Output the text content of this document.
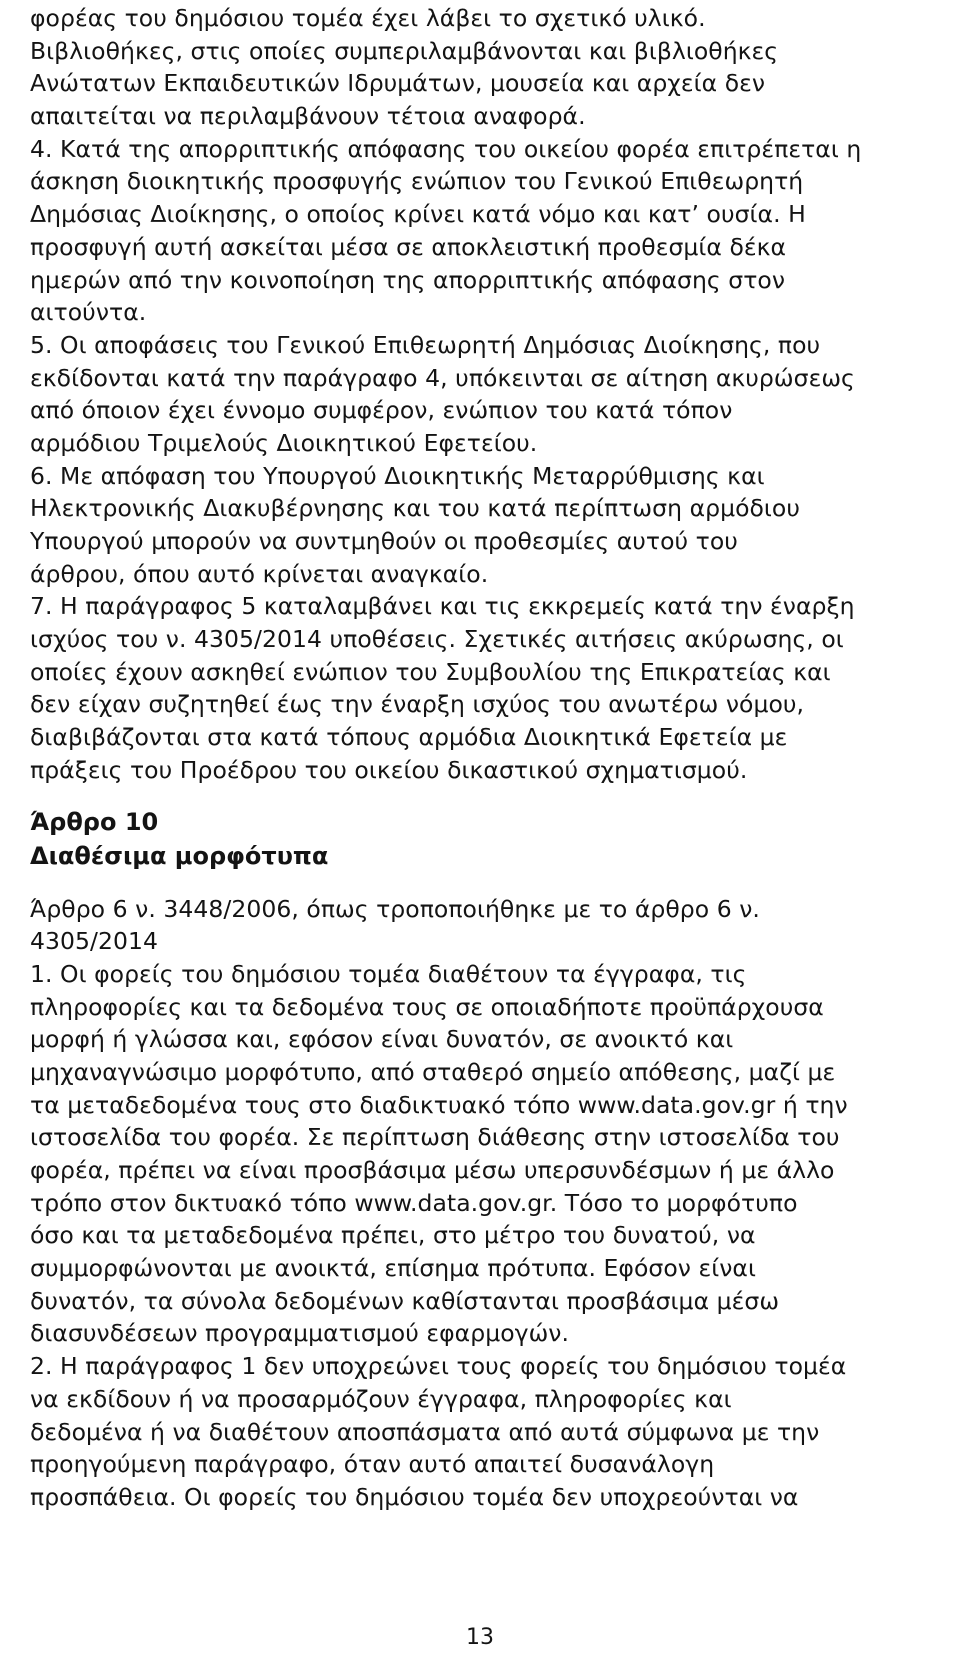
φορέας του δημόσιου τομέα έχει λάβει το σχετικό υλικό.
Βιβλιοθήκες, στις οποίες συμπεριλαμβάνονται και βιβλιοθήκες
Ανώτατων Εκπαιδευτικών Ιδρυμάτων, μουσεία και αρχεία δεν
απαιτείται να περιλαμβάνουν τέτοια αναφορά.
4. Κατά της απορριπτικής απόφασης του οικείου φορέα επιτρέπεται η
άσκηση διοικητικής προσφυγής ενώπιον του Γενικού Επιθεωρητή
Δημόσιας Διοίκησης, ο οποίος κρίνει κατά νόμο και κατ’ ουσία. Η
προσφυγή αυτή ασκείται μέσα σε αποκλειστική προθεσμία δέκα
ημερών από την κοινοποίηση της απορριπτικής απόφασης στον
αιτούντα.
5. Οι αποφάσεις του Γενικού Επιθεωρητή Δημόσιας Διοίκησης, που
εκδίδονται κατά την παράγραφο 4, υπόκεινται σε αίτηση ακυρώσεως
από όποιον έχει έννομο συμφέρον, ενώπιον του κατά τόπον
αρμόδιου Τριμελούς Διοικητικού Εφετείου.
6. Με απόφαση του Υπουργού Διοικητικής Μεταρρύθμισης και
Ηλεκτρονικής Διακυβέρνησης και του κατά περίπτωση αρμόδιου
Υπουργού μπορούν να συντμηθούν οι προθεσμίες αυτού του
άρθρου, όπου αυτό κρίνεται αναγκαίο.
7. Η παράγραφος 5 καταλαμβάνει και τις εκκρεμείς κατά την έναρξη
ισχύος του ν. 4305/2014 υποθέσεις. Σχετικές αιτήσεις ακύρωσης, οι
οποίες έχουν ασκηθεί ενώπιον του Συμβουλίου της Επικρατείας και
δεν είχαν συζητηθεί έως την έναρξη ισχύος του ανωτέρω νόμου,
διαβιβάζονται στα κατά τόπους αρμόδια Διοικητικά Εφετεία με
πράξεις του Προέδρου του οικείου δικαστικού σχηματισμού.
Άρθρο 10
Διαθέσιμα μορφότυπα
Άρθρο 6 ν. 3448/2006, όπως τροποποιήθηκε με το άρθρο 6 ν.
4305/2014
1. Οι φορείς του δημόσιου τομέα διαθέτουν τα έγγραφα, τις
πληροφορίες και τα δεδομένα τους σε οποιαδήποτε προϋπάρχουσα
μορφή ή γλώσσα και, εφόσον είναι δυνατόν, σε ανοικτό και
μηχαναγνώσιμο μορφότυπο, από σταθερό σημείο απόθεσης, μαζί με
τα μεταδεδομένα τους στο διαδικτυακό τόπο www.data.gov.gr ή την
ιστοσελίδα του φορέα. Σε περίπτωση διάθεσης στην ιστοσελίδα του
φορέα, πρέπει να είναι προσβάσιμα μέσω υπερσυνδέσμων ή με άλλο
τρόπο στον δικτυακό τόπο www.data.gov.gr. Τόσο το μορφότυπο
όσο και τα μεταδεδομένα πρέπει, στο μέτρο του δυνατού, να
συμμορφώνονται με ανοικτά, επίσημα πρότυπα. Εφόσον είναι
δυνατόν, τα σύνολα δεδομένων καθίστανται προσβάσιμα μέσω
διασυνδέσεων προγραμματισμού εφαρμογών.
2. Η παράγραφος 1 δεν υποχρεώνει τους φορείς του δημόσιου τομέα
να εκδίδουν ή να προσαρμόζουν έγγραφα, πληροφορίες και
δεδομένα ή να διαθέτουν αποσπάσματα από αυτά σύμφωνα με την
προηγούμενη παράγραφο, όταν αυτό απαιτεί δυσανάλογη
προσπάθεια. Οι φορείς του δημόσιου τομέα δεν υποχρεούνται να
13
